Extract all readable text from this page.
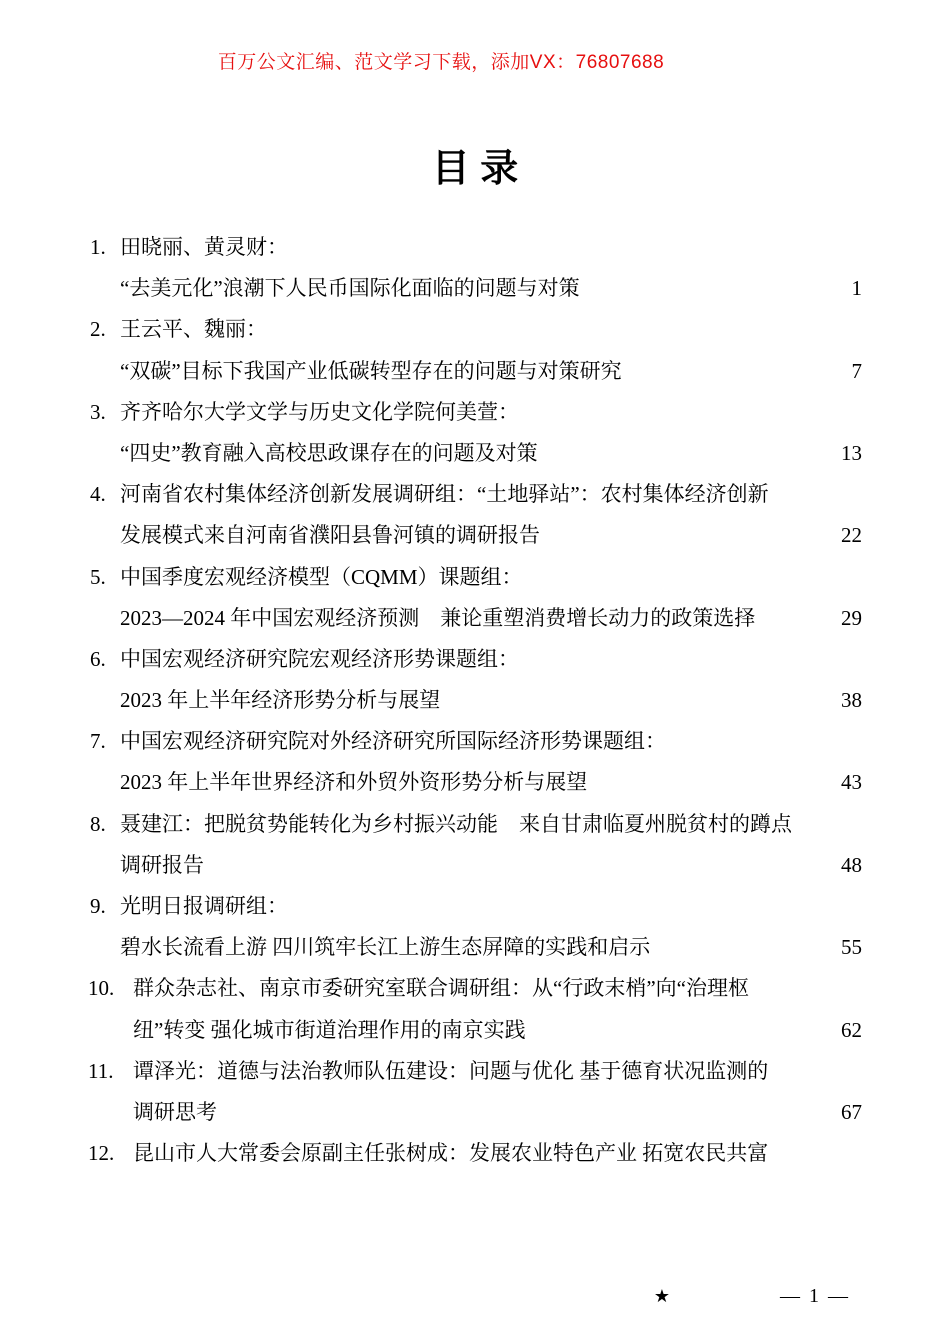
百万公文汇编、范文学习下载，添加VX：76807688
目 录
1. 田晓丽、黄灵财：
“去美元化”浪潮下人民币国际化面临的问题与对策	1
2. 王云平、魏丽：
“双碳”目标下我国产业低碳转型存在的问题与对策研究	7
3. 齐齐哈尔大学文学与历史文化学院何美萱：
“四史”教育融入高校思政课存在的问题及对策	13
4. 河南省农村集体经济创新发展调研组：“土地驿站”：农村集体经济创新
发展模式来自河南省濮阳县鲁河镇的调研报告	22
5. 中国季度宏观经济模型（CQMM）课题组：
2023—2024 年中国宏观经济预测　兼论重塑消费增长动力的政策选择	29
6. 中国宏观经济研究院宏观经济形势课题组：
2023 年上半年经济形势分析与展望	38
7. 中国宏观经济研究院对外经济研究所国际经济形势课题组：
2023 年上半年世界经济和外贸外资形势分析与展望	43
8. 聂建江：把脱贫势能转化为乡村振兴动能　来自甘肃临夏州脱贫村的蹲点
调研报告	48
9. 光明日报调研组：
碧水长流看上游 四川筑牢长江上游生态屏障的实践和启示	55
10. 群众杂志社、南京市委研究室联合调研组：从“行政末梢”向“治理枢
纽”转变 强化城市街道治理作用的南京实践	62
11. 谭泽光：道德与法治教师队伍建设：问题与优化 基于德育状况监测的
调研思考	67
12. 昆山市人大常委会原副主任张树成：发展农业特色产业 拓宽农民共富
★	— 1 —
